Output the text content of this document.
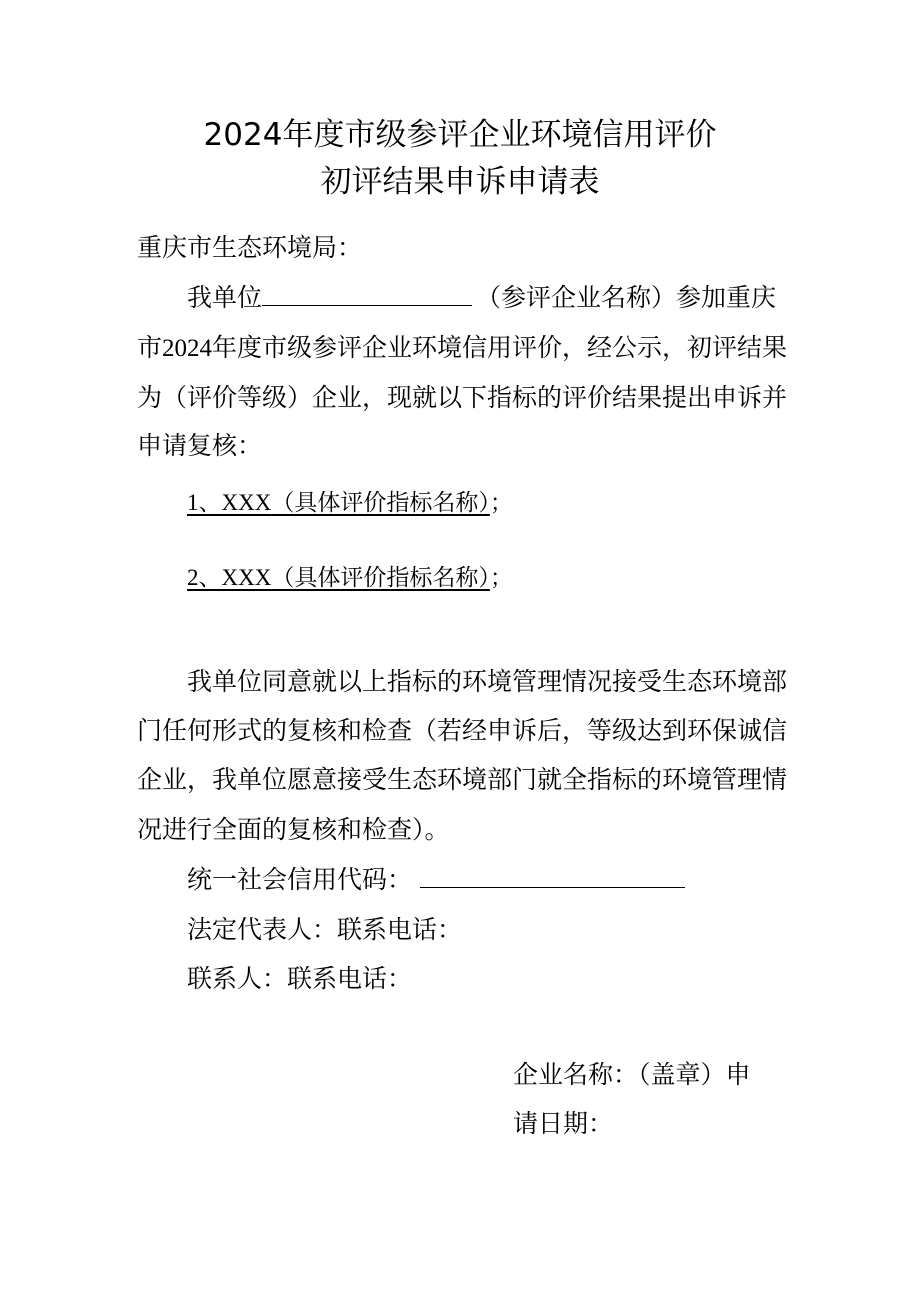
2024年度市级参评企业环境信用评价
初评结果申诉申请表
重庆市生态环境局：
我单位	（参评企业名称）参加重庆
市2024年度市级参评企业环境信用评价，经公示，初评结果
为（评价等级）企业，现就以下指标的评价结果提出申诉并
申请复核：
1、XXX（具体评价指标名称）；
2、XXX（具体评价指标名称）；
我单位同意就以上指标的环境管理情况接受生态环境部
门任何形式的复核和检查（若经申诉后，等级达到环保诚信
企业，我单位愿意接受生态环境部门就全指标的环境管理情
况进行全面的复核和检查）。
统一社会信用代码：
法定代表人：联系电话：
联系人：联系电话：
企业名称：（盖章）申
请日期：
